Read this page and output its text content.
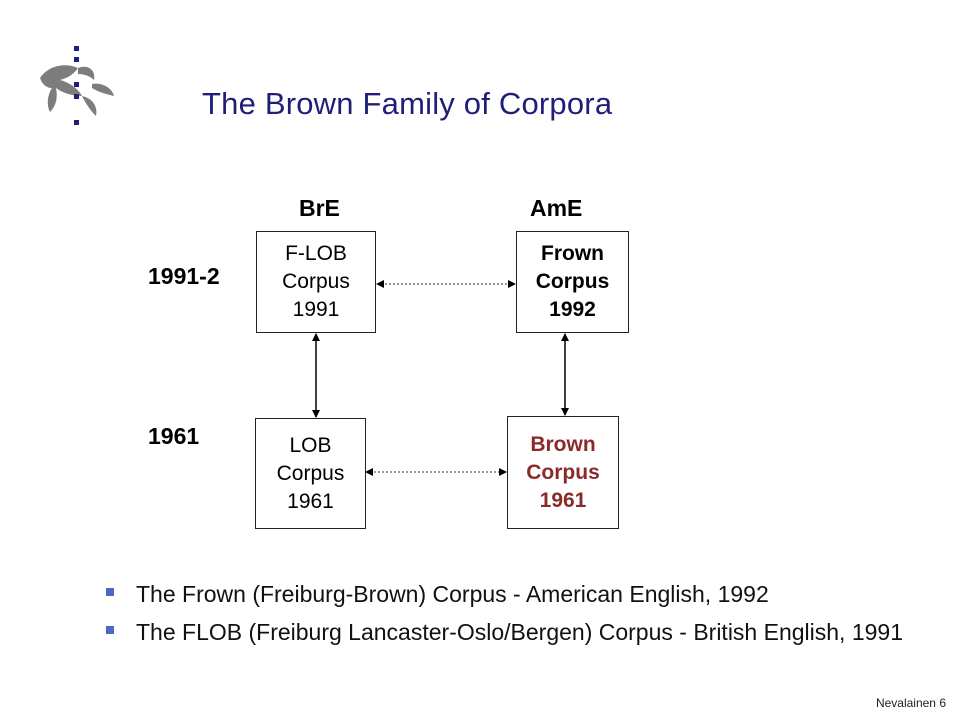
The Brown Family of Corpora
BrE	AmE
1991-2
1961
F-LOB
Corpus
1991
Frown
Corpus
1992
LOB
Corpus
1961
Brown
Corpus
1961
The Frown (Freiburg-Brown) Corpus - American English, 1992
The FLOB (Freiburg Lancaster-Oslo/Bergen) Corpus - British English, 1991
Nevalainen 6
